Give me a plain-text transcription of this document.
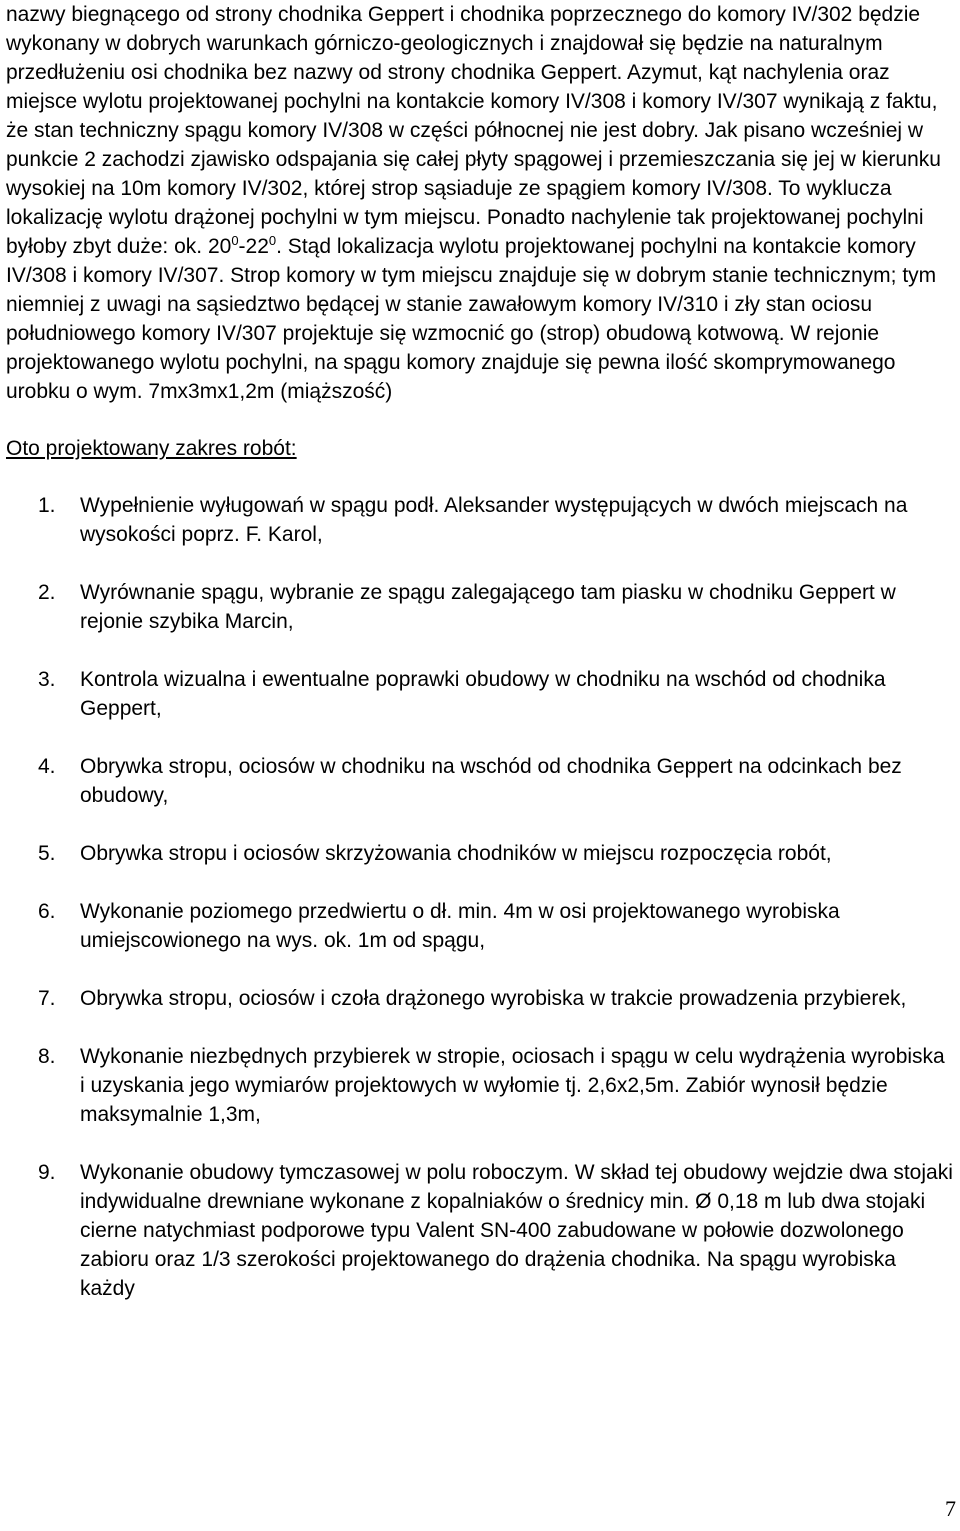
nazwy biegnącego od strony chodnika Geppert i chodnika poprzecznego do komory IV/302 będzie wykonany w dobrych warunkach górniczo-geologicznych i znajdował się będzie na naturalnym przedłużeniu osi chodnika bez nazwy od strony chodnika Geppert. Azymut, kąt nachylenia oraz miejsce wylotu projektowanej pochylni na kontakcie komory IV/308 i komory IV/307 wynikają z faktu, że stan techniczny spągu komory IV/308 w części północnej nie jest dobry. Jak pisano wcześniej w punkcie 2 zachodzi zjawisko odspajania się całej płyty spągowej i przemieszczania się jej w kierunku wysokiej na 10m komory IV/302, której strop sąsiaduje ze spągiem komory IV/308. To wyklucza lokalizację wylotu drążonej pochylni w tym miejscu. Ponadto nachylenie tak projektowanej pochylni byłoby zbyt duże: ok. $20^0-22^0$. Stąd lokalizacja wylotu projektowanej pochylni na kontakcie komory IV/308 i komory IV/307. Strop komory w tym miejscu znajduje się w dobrym stanie technicznym; tym niemniej z uwagi na sąsiedztwo będącej w stanie zawałowym komory IV/310 i zły stan ociosu południowego komory IV/307 projektuje się wzmocnić go (strop) obudową kotwową. W rejonie projektowanego wylotu pochylni, na spągu komory znajduje się pewna ilość skomprymowanego urobku o wym. 7mx3mx1,2m (miąższość)

Oto projektowany zakres robót:

1. Wypełnienie wyługowań w spągu podł. Aleksander występujących w dwóch miejscach na wysokości poprz. F. Karol,
2. Wyrównanie spągu, wybranie ze spągu zalegającego tam piasku w chodniku Geppert w rejonie szybika Marcin,
3. Kontrola wizualna i ewentualne poprawki obudowy w chodniku na wschód od chodnika Geppert,
4. Obrywka stropu, ociosów w chodniku na wschód od chodnika Geppert na odcinkach bez obudowy,
5. Obrywka stropu i ociosów skrzyżowania chodników w miejscu rozpoczęcia robót,
6. Wykonanie poziomego przedwiertu o dł. min. 4m w osi projektowanego wyrobiska umiejscowionego na wys. ok. 1m od spągu,
7. Obrywka stropu, ociosów i czoła drążonego wyrobiska w trakcie prowadzenia przybierek,
8. Wykonanie niezbędnych przybierek w stropie, ociosach i spągu w celu wydrążenia wyrobiska i uzyskania jego wymiarów projektowych w wyłomie tj. 2,6x2,5m. Zabiór wynosił będzie maksymalnie 1,3m,
9. Wykonanie obudowy tymczasowej w polu roboczym. W skład tej obudowy wejdzie dwa stojaki indywidualne drewniane wykonane z kopalniaków o średnicy min. Ø 0,18 m lub dwa stojaki cierne natychmiast podporowe typu Valent SN-400 zabudowane w połowie dozwolonego zabioru oraz 1/3 szerokości projektowanego do drążenia chodnika. Na spągu wyrobiska każdy
7
